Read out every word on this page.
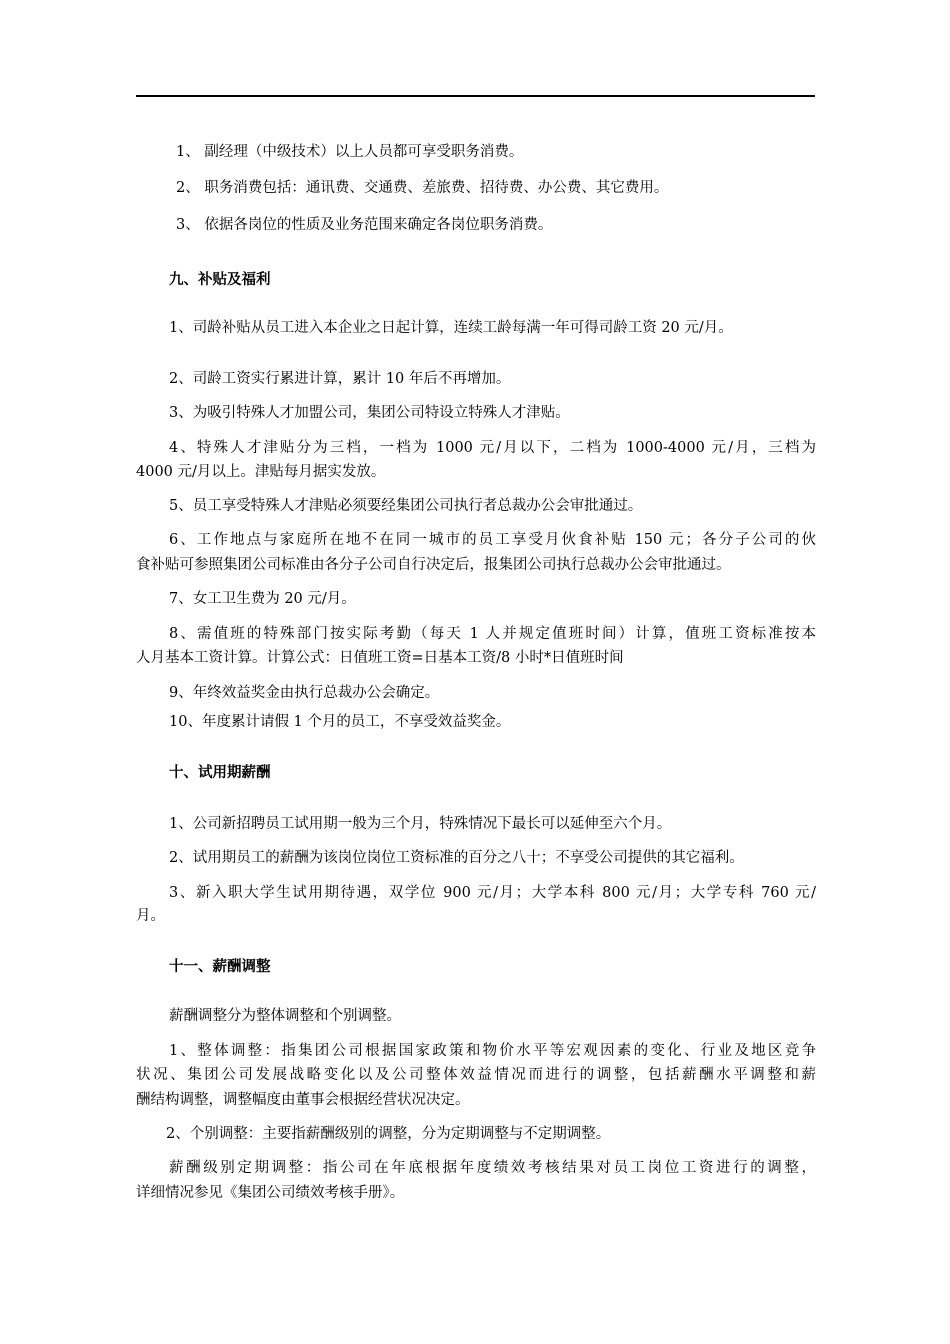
1、 副经理（中级技术）以上人员都可享受职务消费。

2、 职务消费包括：通讯费、交通费、差旅费、招待费、办公费、其它费用。

3、 依据各岗位的性质及业务范围来确定各岗位职务消费。

九、补贴及福利

1、司龄补贴从员工进入本企业之日起计算，连续工龄每满一年可得司龄工资 20 元/月。

2、司龄工资实行累进计算，累计 10 年后不再增加。

3、为吸引特殊人才加盟公司，集团公司特设立特殊人才津贴。

4、特殊人才津贴分为三档，一档为 1000 元/月以下，二档为 1000-4000 元/月，三档为

4000 元/月以上。津贴每月据实发放。

5、员工享受特殊人才津贴必须要经集团公司执行者总裁办公会审批通过。

6、工作地点与家庭所在地不在同一城市的员工享受月伙食补贴 150 元；各分子公司的伙

食补贴可参照集团公司标准由各分子公司自行决定后，报集团公司执行总裁办公会审批通过。

7、女工卫生费为 20 元/月。

8、需值班的特殊部门按实际考勤（每天 1 人并规定值班时间）计算，值班工资标准按本

人月基本工资计算。计算公式：日值班工资=日基本工资/8 小时*日值班时间

9、年终效益奖金由执行总裁办公会确定。

10、年度累计请假 1 个月的员工，不享受效益奖金。

十、试用期薪酬

1、公司新招聘员工试用期一般为三个月，特殊情况下最长可以延伸至六个月。

2、试用期员工的薪酬为该岗位岗位工资标准的百分之八十；不享受公司提供的其它福利。

3、新入职大学生试用期待遇，双学位 900 元/月；大学本科 800 元/月；大学专科 760 元/

月。

十一、薪酬调整

薪酬调整分为整体调整和个别调整。

1、整体调整：指集团公司根据国家政策和物价水平等宏观因素的变化、行业及地区竞争

状况、集团公司发展战略变化以及公司整体效益情况而进行的调整，包括薪酬水平调整和薪

酬结构调整，调整幅度由董事会根据经营状况决定。

2、个别调整：主要指薪酬级别的调整，分为定期调整与不定期调整。

薪酬级别定期调整：指公司在年底根据年度绩效考核结果对员工岗位工资进行的调整，

详细情况参见《集团公司绩效考核手册》。
